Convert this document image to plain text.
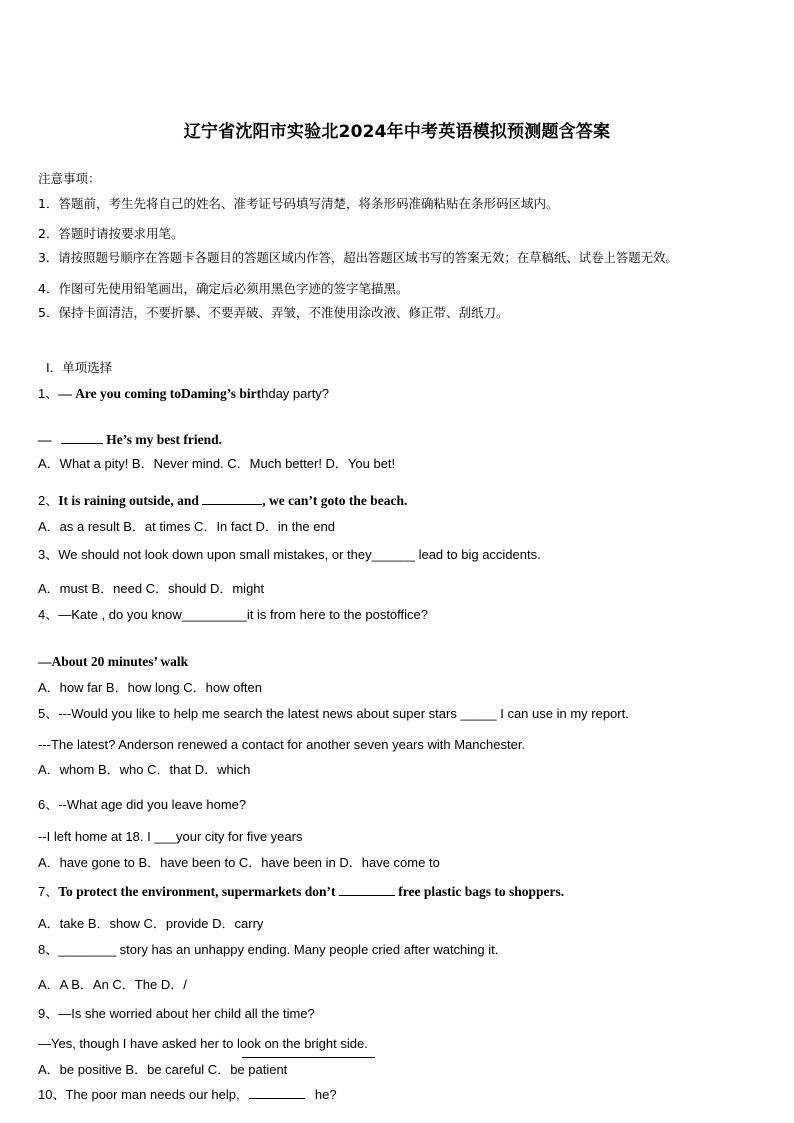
辽宁省沈阳市实验北2024年中考英语模拟预测题含答案
注意事项：
1．答题前，考生先将自己的姓名、准考证号码填写清楚，将条形码准确粘贴在条形码区域内。
2．答题时请按要求用笔。
3．请按照题号顺序在答题卡各题目的答题区域内作答，超出答题区域书写的答案无效；在草稿纸、试卷上答题无效。
4．作图可先使用铅笔画出，确定后必须用黑色字迹的签字笔描黑。
5．保持卡面清洁，不要折暴、不要弄破、弄皱，不准使用涂改液、修正带、刮纸刀。
Ⅰ．单项选择
1、— Are you coming toDaming’s birthday party?
—	He’s my best friend.
A．What a pity! B．Never mind. C．Much better! D．You bet!
2、It is raining outside, and	, we can’t goto the beach.
A．as a result B．at times C．In fact D．in the end
3、We should not look down upon small mistakes, or they______ lead to big accidents.
A．must B．need C．should D．might
4、—Kate , do you know_________it is from here to the postoffice?
—About 20 minutes’ walk
A．how far B．how long C．how often
5、---Would you like to help me search the latest news about super stars _____ I can use in my report.
---The latest? Anderson renewed a contact for another seven years with Manchester.
A．whom B．who C．that D．which
6、--What age did you leave home?
--I left home at 18. I ___your city for five years
A．have gone to B．have been to C．have been in D．have come to
7、To protect the environment, supermarkets don’t	free plastic bags to shoppers.
A．take B．show C．provide D．carry
8、________ story has an unhappy ending. Many people cried after watching it.
A．A B．An C．The D．/
9、—Is she worried about her child all the time?
—Yes, though I have asked her to look on the bright side.
A．be positive B．be careful C．be patient
10、The poor man needs our help,	he?
